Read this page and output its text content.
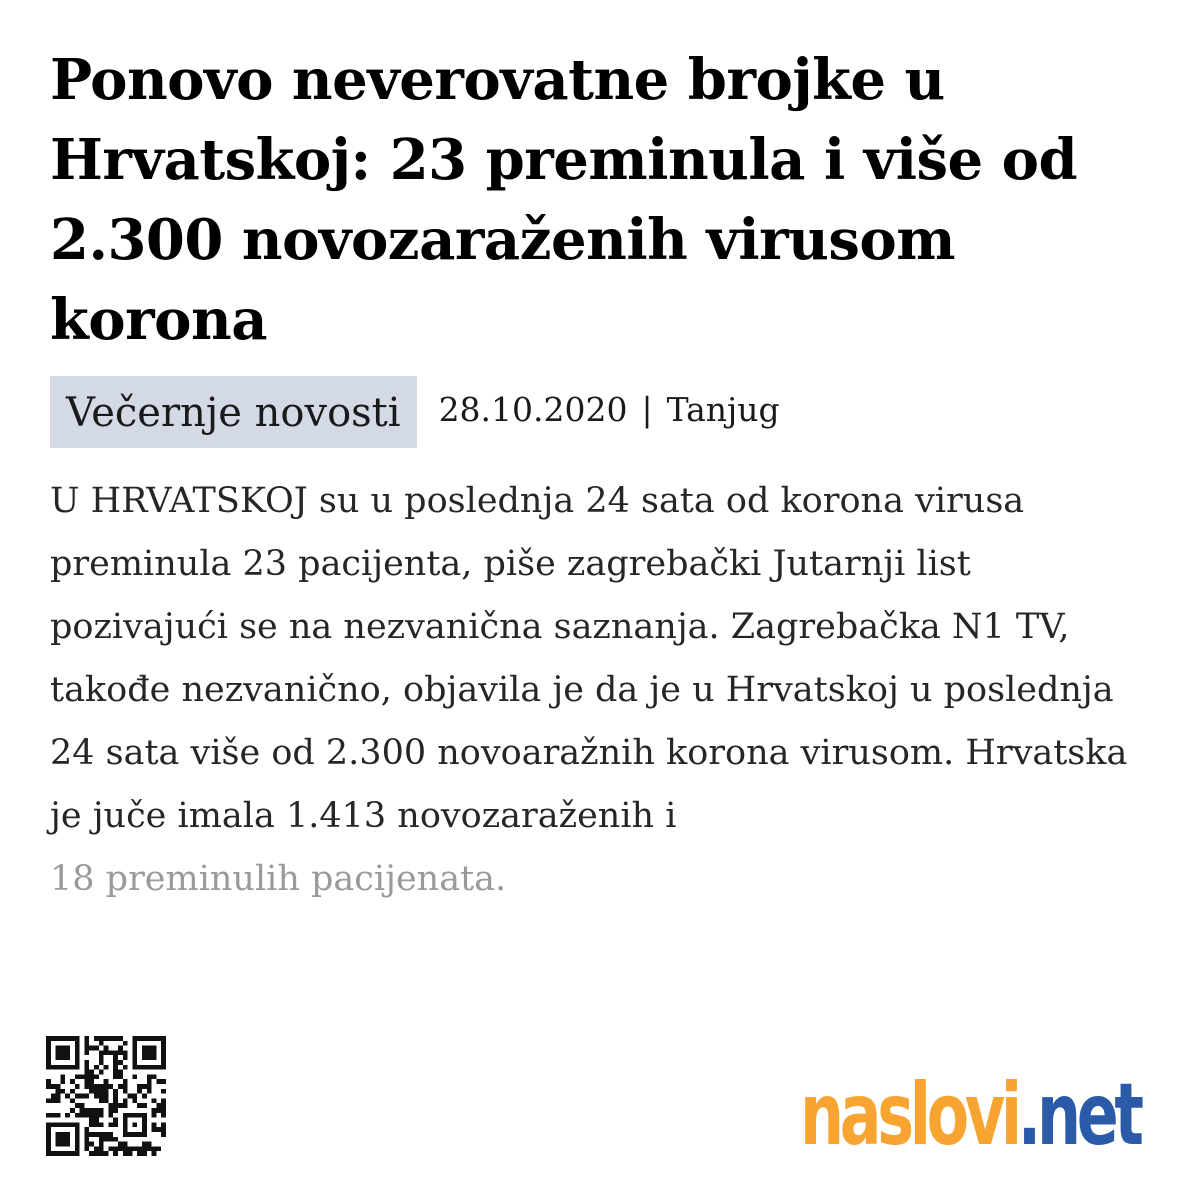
Ponovo neverovatne brojke u Hrvatskoj: 23 preminula i više od 2.300 novozaraženih virusom korona
Večernje novosti	28.10.2020 | Tanjug

U HRVATSKOJ su u poslednja 24 sata od korona virusa preminula 23 pacijenta, piše zagrebački Jutarnji list pozivajući se na nezvanična saznanja. Zagrebačka N1 TV, takođe nezvanično, objavila je da je u Hrvatskoj u poslednja 24 sata više od 2.300 novoaražnih korona virusom. Hrvatska je juče imala 1.413 novozaraženih i
18 preminulih pacijenata.

naslovi.net
